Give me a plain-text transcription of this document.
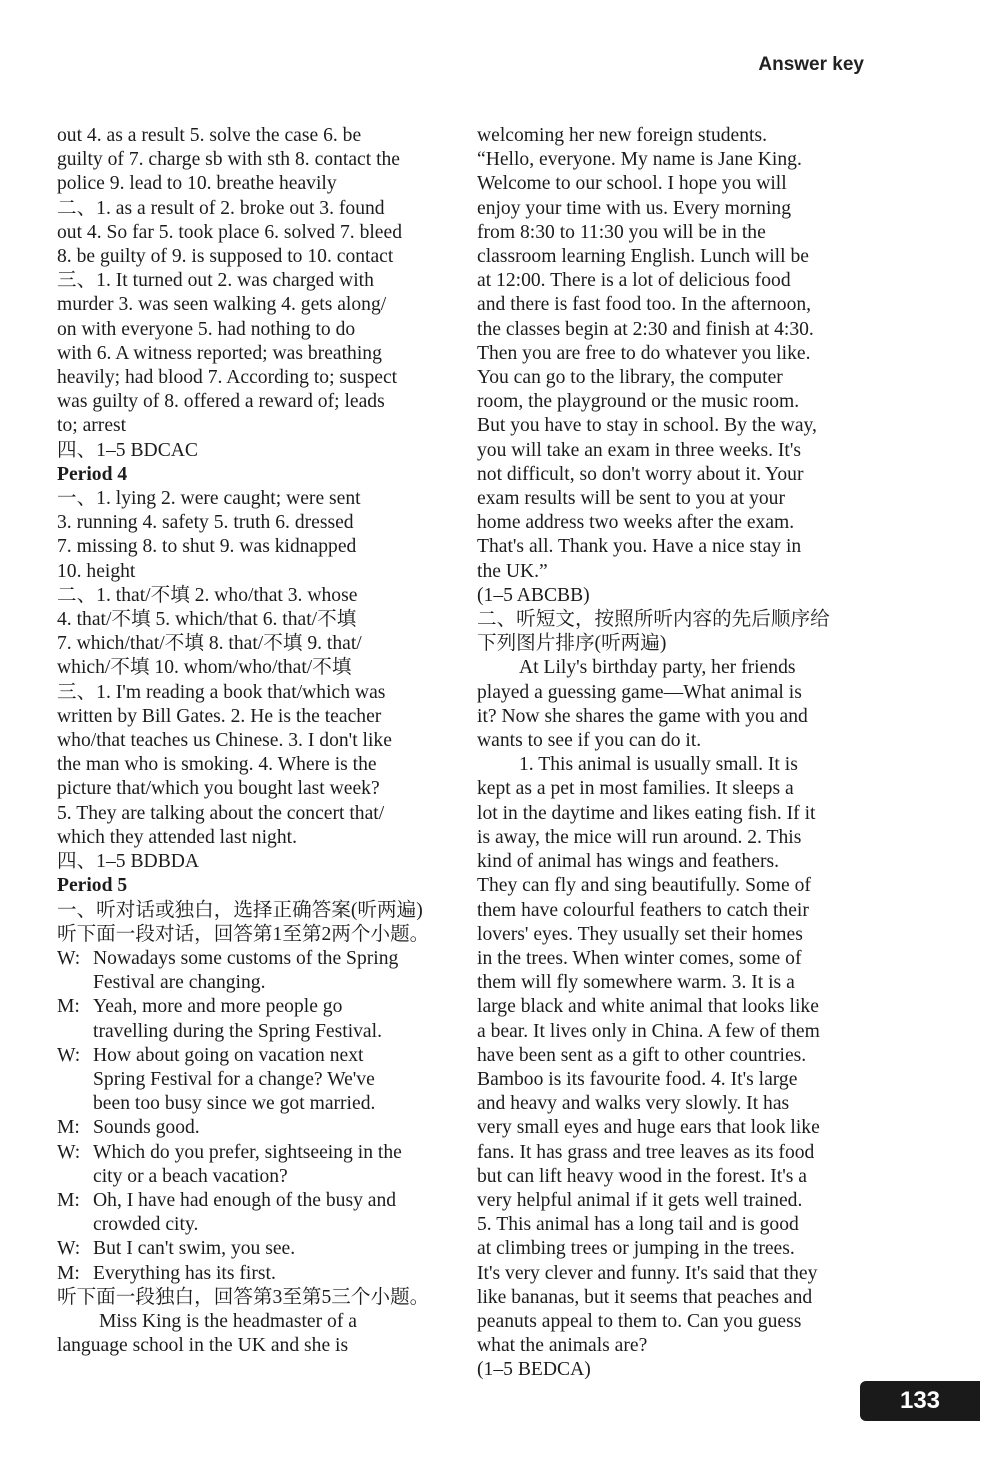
Answer key
out 4. as a result 5. solve the case 6. be
guilty of 7. charge sb with sth 8. contact the
police 9. lead to 10. breathe heavily
二、1. as a result of 2. broke out 3. found
out 4. So far 5. took place 6. solved 7. bleed
8. be guilty of 9. is supposed to 10. contact
三、1. It turned out 2. was charged with
murder 3. was seen walking 4. gets along/
on with everyone 5. had nothing to do
with 6. A witness reported; was breathing
heavily; had blood 7. According to; suspect
was guilty of 8. offered a reward of; leads
to; arrest
四、1–5 BDCAC
Period 4
一、1. lying 2. were caught; were sent
3. running 4. safety 5. truth 6. dressed
7. missing 8. to shut 9. was kidnapped
10. height
二、1. that/不填 2. who/that 3. whose
4. that/不填 5. which/that 6. that/不填
7. which/that/不填 8. that/不填 9. that/
which/不填 10. whom/who/that/不填
三、1. I'm reading a book that/which was
written by Bill Gates. 2. He is the teacher
who/that teaches us Chinese. 3. I don't like
the man who is smoking. 4. Where is the
picture that/which you bought last week?
5. They are talking about the concert that/
which they attended last night.
四、1–5 BDBDA
Period 5
一、听对话或独白，选择正确答案(听两遍)
听下面一段对话，回答第1至第2两个小题。
W: Nowadays some customs of the Spring
Festival are changing.
M: Yeah, more and more people go
travelling during the Spring Festival.
W: How about going on vacation next
Spring Festival for a change? We've
been too busy since we got married.
M: Sounds good.
W: Which do you prefer, sightseeing in the
city or a beach vacation?
M: Oh, I have had enough of the busy and
crowded city.
W: But I can't swim, you see.
M: Everything has its first.
听下面一段独白，回答第3至第5三个小题。
Miss King is the headmaster of a
language school in the UK and she is
welcoming her new foreign students.
“Hello, everyone. My name is Jane King.
Welcome to our school. I hope you will
enjoy your time with us. Every morning
from 8:30 to 11:30 you will be in the
classroom learning English. Lunch will be
at 12:00. There is a lot of delicious food
and there is fast food too. In the afternoon,
the classes begin at 2:30 and finish at 4:30.
Then you are free to do whatever you like.
You can go to the library, the computer
room, the playground or the music room.
But you have to stay in school. By the way,
you will take an exam in three weeks. It's
not difficult, so don't worry about it. Your
exam results will be sent to you at your
home address two weeks after the exam.
That's all. Thank you. Have a nice stay in
the UK.”
(1–5 ABCBB)
二、听短文，按照所听内容的先后顺序给
下列图片排序(听两遍)
At Lily's birthday party, her friends
played a guessing game—What animal is
it? Now she shares the game with you and
wants to see if you can do it.
1. This animal is usually small. It is
kept as a pet in most families. It sleeps a
lot in the daytime and likes eating fish. If it
is away, the mice will run around. 2. This
kind of animal has wings and feathers.
They can fly and sing beautifully. Some of
them have colourful feathers to catch their
lovers' eyes. They usually set their homes
in the trees. When winter comes, some of
them will fly somewhere warm. 3. It is a
large black and white animal that looks like
a bear. It lives only in China. A few of them
have been sent as a gift to other countries.
Bamboo is its favourite food. 4. It's large
and heavy and walks very slowly. It has
very small eyes and huge ears that look like
fans. It has grass and tree leaves as its food
but can lift heavy wood in the forest. It's a
very helpful animal if it gets well trained.
5. This animal has a long tail and is good
at climbing trees or jumping in the trees.
It's very clever and funny. It's said that they
like bananas, but it seems that peaches and
peanuts appeal to them to. Can you guess
what the animals are?
(1–5 BEDCA)
133
